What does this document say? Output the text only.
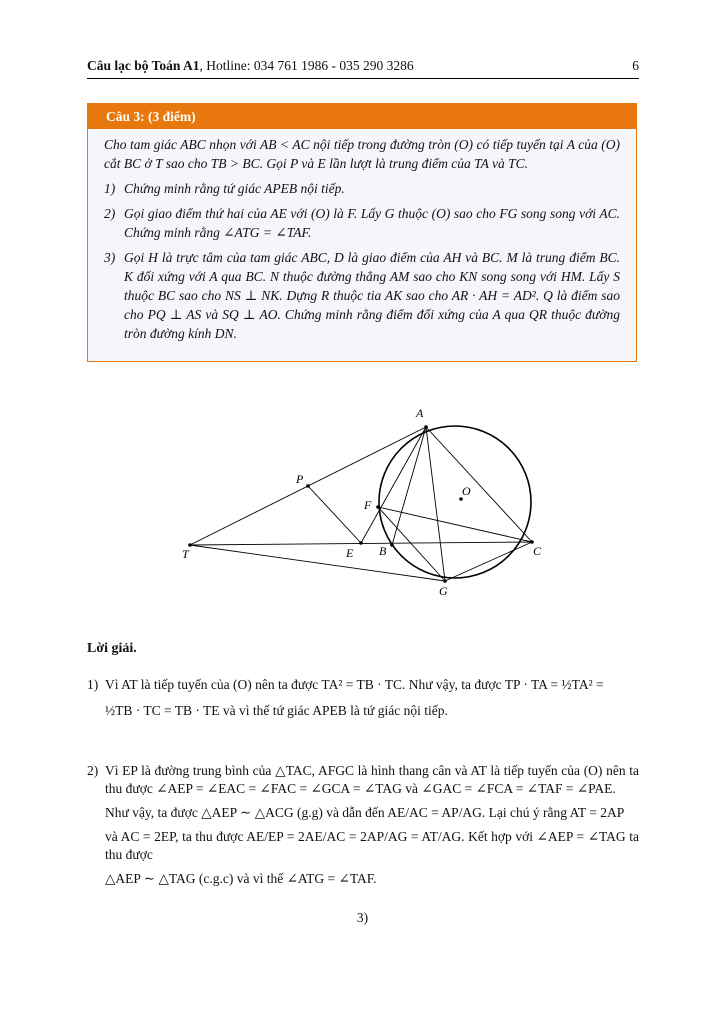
Câu lạc bộ Toán A1, Hotline: 034 761 1986 - 035 290 3286	6
Câu 3: (3 điểm)

Cho tam giác ABC nhọn với AB < AC nội tiếp trong đường tròn (O) có tiếp tuyến tại A của (O) cắt BC ở T sao cho TB > BC. Gọi P và E lần lượt là trung điểm của TA và TC.

1) Chứng minh rằng tứ giác APEB nội tiếp.
2) Gọi giao điểm thứ hai của AE với (O) là F. Lấy G thuộc (O) sao cho FG song song với AC. Chứng minh rằng ∠ATG = ∠TAF.
3) Gọi H là trực tâm của tam giác ABC, D là giao điểm của AH và BC. M là trung điểm BC. K đối xứng với A qua BC. N thuộc đường thẳng AM sao cho KN song song với HM. Lấy S thuộc BC sao cho NS ⊥ NK. Dựng R thuộc tia AK sao cho AR · AH = AD². Q là điểm sao cho PQ ⊥ AS và SQ ⊥ AO. Chứng minh rằng điểm đối xứng của A qua QR thuộc đường tròn đường kính DN.
A
P
O
F
T	E B	C
G
Lời giải.
1) Vì AT là tiếp tuyến của (O) nên ta được TA² = TB · TC. Như vậy, ta được TP · TA = ½TA² =

½TB · TC = TB · TE và vì thế tứ giác APEB là tứ giác nội tiếp.

2) Vì EP là đường trung bình của △TAC, AFGC là hình thang cân và AT là tiếp tuyến của (O) nên ta thu được ∠AEP = ∠EAC = ∠FAC = ∠GCA = ∠TAG và ∠GAC = ∠FCA = ∠TAF = ∠PAE.

Như vậy, ta được △AEP ∼ △ACG (g.g) và dẫn đến AE/AC = AP/AG. Lại chú ý rằng AT = 2AP

và AC = 2EP, ta thu được AE/EP = 2AE/AC = 2AP/AG = AT/AG. Kết hợp với ∠AEP = ∠TAG ta thu được

△AEP ∼ △TAG (c.g.c) và vì thế ∠ATG = ∠TAF.

3)
